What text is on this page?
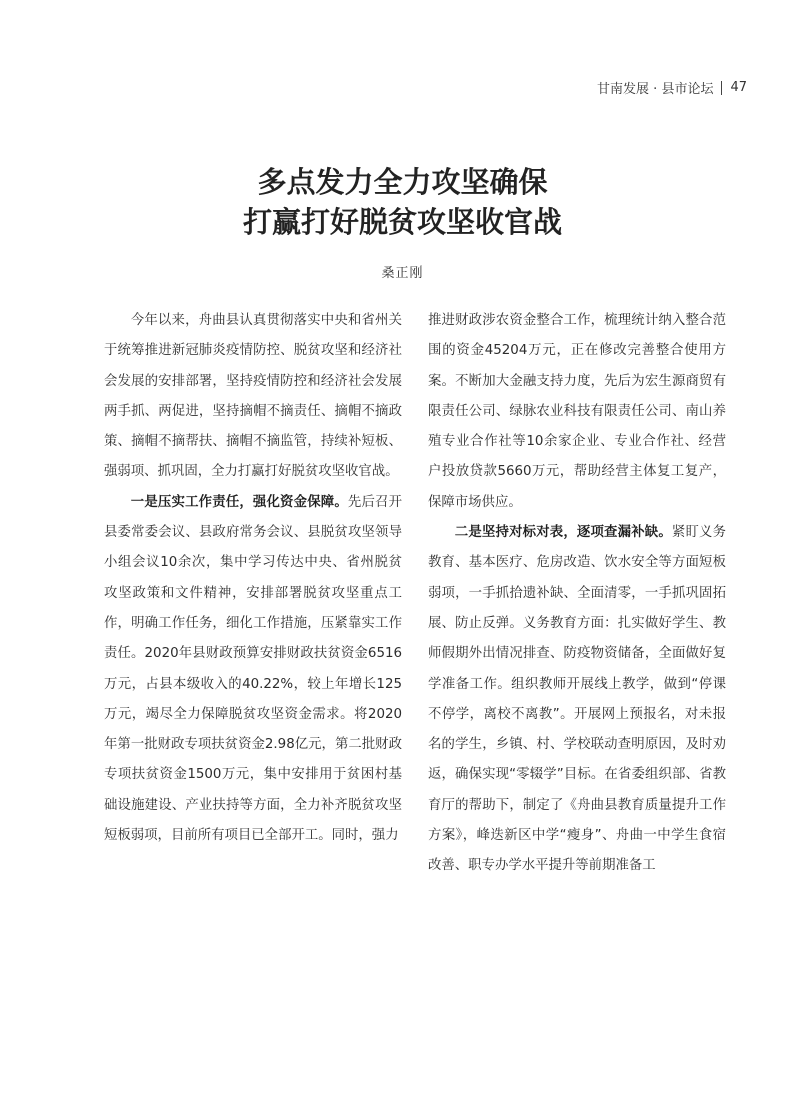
甘南发展 · 县市论坛 47
多点发力全力攻坚确保
打赢打好脱贫攻坚收官战
桑正刚

今年以来，舟曲县认真贯彻落实中央和省州关于统筹推进新冠肺炎疫情防控、脱贫攻坚和经济社会发展的安排部署，坚持疫情防控和经济社会发展两手抓、两促进，坚持摘帽不摘责任、摘帽不摘政策、摘帽不摘帮扶、摘帽不摘监管，持续补短板、强弱项、抓巩固，全力打赢打好脱贫攻坚收官战。

一是压实工作责任，强化资金保障。先后召开县委常委会议、县政府常务会议、县脱贫攻坚领导小组会议10余次，集中学习传达中央、省州脱贫攻坚政策和文件精神，安排部署脱贫攻坚重点工作，明确工作任务，细化工作措施，压紧靠实工作责任。2020年县财政预算安排财政扶贫资金6516万元，占县本级收入的40.22%，较上年增长125万元，竭尽全力保障脱贫攻坚资金需求。将2020年第一批财政专项扶贫资金2.98亿元，第二批财政专项扶贫资金1500万元，集中安排用于贫困村基础设施建设、产业扶持等方面，全力补齐脱贫攻坚短板弱项，目前所有项目已全部开工。同时，强力

推进财政涉农资金整合工作，梳理统计纳入整合范围的资金45204万元，正在修改完善整合使用方案。不断加大金融支持力度，先后为宏生源商贸有限责任公司、绿脉农业科技有限责任公司、南山养殖专业合作社等10余家企业、专业合作社、经营户投放贷款5660万元，帮助经营主体复工复产，保障市场供应。

二是坚持对标对表，逐项查漏补缺。紧盯义务教育、基本医疗、危房改造、饮水安全等方面短板弱项，一手抓拾遗补缺、全面清零，一手抓巩固拓展、防止反弹。义务教育方面：扎实做好学生、教师假期外出情况排查、防疫物资储备，全面做好复学准备工作。组织教师开展线上教学，做到“停课不停学，离校不离教”。开展网上预报名，对未报名的学生，乡镇、村、学校联动查明原因，及时劝返，确保实现“零辍学”目标。在省委组织部、省教育厅的帮助下，制定了《舟曲县教育质量提升工作方案》，峰迭新区中学“瘦身”、舟曲一中学生食宿改善、职专办学水平提升等前期准备工
